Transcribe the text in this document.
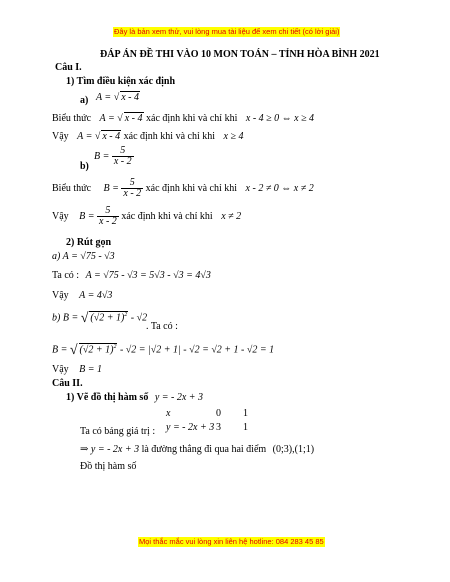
Đây là bản xem thử, vui lòng mua tài liệu để xem chi tiết (có lời giải)
ĐÁP ÁN ĐỀ THI VÀO 10 MON TOÁN – TỈNH HÒA BÌNH 2021
Câu I.
1) Tìm điều kiện xác định
a) A = √ x - 4
Biểu thức A = √ x - 4 xác định khi và chỉ khi x - 4 ≥ 0 ⇔ x ≥ 4
Vậy A = √ x - 4 xác định khi và chỉ khi x ≥ 4
$B = \frac{5}{x - 2}$
b)
Biểu thức $B = \frac{5}{x - 2}$ xác định khi và chỉ khi x - 2 ≠ 0 ⇔ x ≠ 2
Vậy $B = \frac{5}{x - 2}$ xác định khi và chỉ khi x ≠ 2
2) Rút gọn
a) A = √75 - √3
Ta có : A = √75 - √3 = 5√3 - √3 = 4√3
Vậy A = 4√3
b) B = √ $(√2 + 1)^2 - √2$
. Ta có :
B = √ $(√2 + 1)^2 - √2 = |√2 + 1| - √2 = √2 + 1 - √2 = 1$
Vậy B = 1
Câu II.
1) Vẽ đồ thị hàm số y = - 2x + 3
x	0 1
Ta có bảng giá trị : y = - 2x + 3 3 1
⇒ y = - 2x + 3 là đường thẳng đi qua hai điểm (0;3),(1;1)
Đồ thị hàm số
Mọi thắc mắc vui lòng xin liên hệ hotline: 084 283 45 85
